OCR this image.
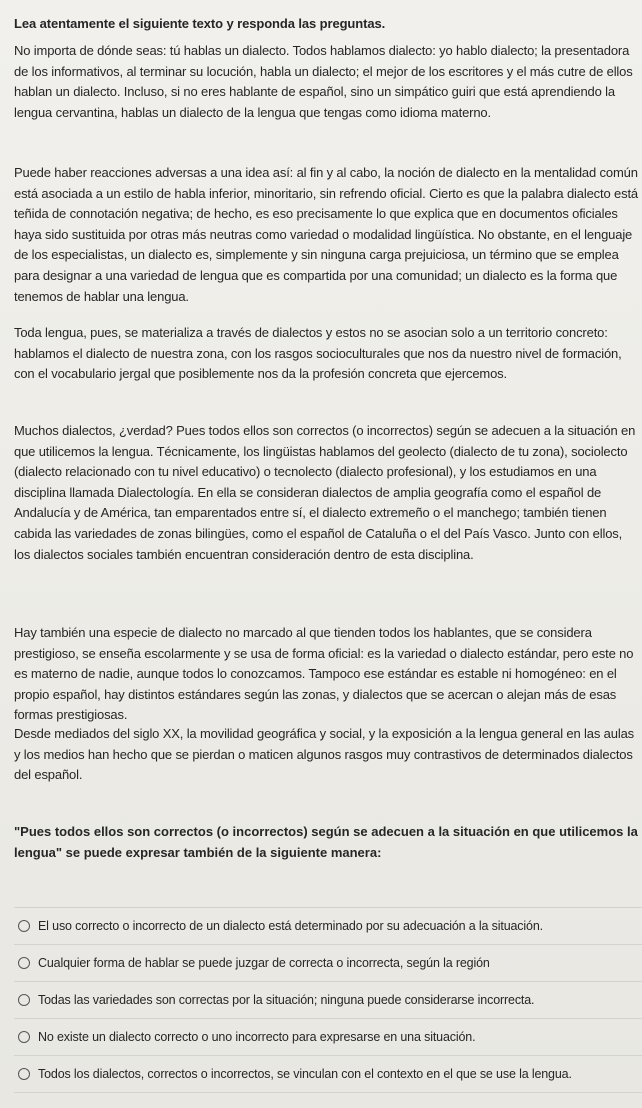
Lea atentamente el siguiente texto y responda las preguntas.

No importa de dónde seas: tú hablas un dialecto. Todos hablamos dialecto: yo hablo dialecto; la presentadora de los informativos, al terminar su locución, habla un dialecto; el mejor de los escritores y el más cutre de ellos hablan un dialecto. Incluso, si no eres hablante de español, sino un simpático guiri que está aprendiendo la lengua cervantina, hablas un dialecto de la lengua que tengas como idioma materno.

Puede haber reacciones adversas a una idea así: al fin y al cabo, la noción de dialecto en la mentalidad común está asociada a un estilo de habla inferior, minoritario, sin refrendo oficial. Cierto es que la palabra dialecto está teñida de connotación negativa; de hecho, es eso precisamente lo que explica que en documentos oficiales haya sido sustituida por otras más neutras como variedad o modalidad lingüística. No obstante, en el lenguaje de los especialistas, un dialecto es, simplemente y sin ninguna carga prejuiciosa, un término que se emplea para designar a una variedad de lengua que es compartida por una comunidad; un dialecto es la forma que tenemos de hablar una lengua.

Toda lengua, pues, se materializa a través de dialectos y estos no se asocian solo a un territorio concreto: hablamos el dialecto de nuestra zona, con los rasgos socioculturales que nos da nuestro nivel de formación, con el vocabulario jergal que posiblemente nos da la profesión concreta que ejercemos.

Muchos dialectos, ¿verdad? Pues todos ellos son correctos (o incorrectos) según se adecuen a la situación en que utilicemos la lengua. Técnicamente, los lingüistas hablamos del geolecto (dialecto de tu zona), sociolecto (dialecto relacionado con tu nivel educativo) o tecnolecto (dialecto profesional), y los estudiamos en una disciplina llamada Dialectología. En ella se consideran dialectos de amplia geografía como el español de Andalucía y de América, tan emparentados entre sí, el dialecto extremeño o el manchego; también tienen cabida las variedades de zonas bilingües, como el español de Cataluña o el del País Vasco. Junto con ellos, los dialectos sociales también encuentran consideración dentro de esta disciplina.

Hay también una especie de dialecto no marcado al que tienden todos los hablantes, que se considera prestigioso, se enseña escolarmente y se usa de forma oficial: es la variedad o dialecto estándar, pero este no es materno de nadie, aunque todos lo conozcamos. Tampoco ese estándar es estable ni homogéneo: en el propio español, hay distintos estándares según las zonas, y dialectos que se acercan o alejan más de esas formas prestigiosas.

Desde mediados del siglo XX, la movilidad geográfica y social, y la exposición a la lengua general en las aulas y los medios han hecho que se pierdan o maticen algunos rasgos muy contrastivos de determinados dialectos del español.

"Pues todos ellos son correctos (o incorrectos) según se adecuen a la situación en que utilicemos la lengua" se puede expresar también de la siguiente manera:

El uso correcto o incorrecto de un dialecto está determinado por su adecuación a la situación.
Cualquier forma de hablar se puede juzgar de correcta o incorrecta, según la región
Todas las variedades son correctas por la situación; ninguna puede considerarse incorrecta.
No existe un dialecto correcto o uno incorrecto para expresarse en una situación.
Todos los dialectos, correctos o incorrectos, se vinculan con el contexto en el que se use la lengua.
